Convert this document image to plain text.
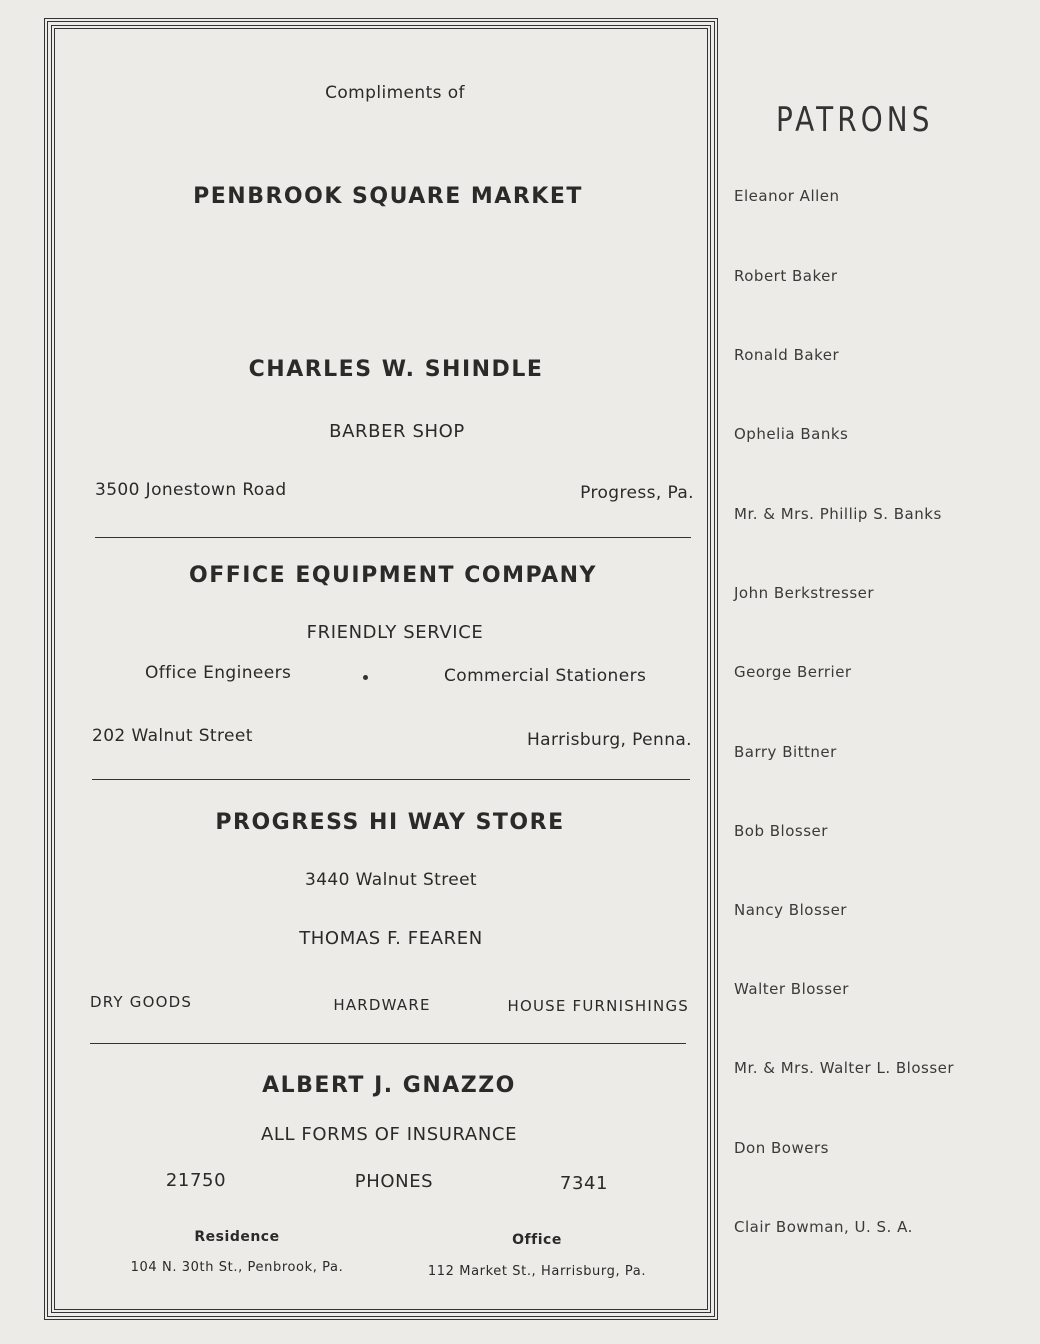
Compliments of
PENBROOK SQUARE MARKET
CHARLES W. SHINDLE
BARBER SHOP
3500 Jonestown Road	Progress, Pa.
OFFICE EQUIPMENT COMPANY
FRIENDLY SERVICE
Office Engineers	Commercial Stationers
202 Walnut Street	Harrisburg, Penna.
PROGRESS HI WAY STORE
3440 Walnut Street
THOMAS F. FEAREN
DRY GOODS	HARDWARE	HOUSE FURNISHINGS
ALBERT J. GNAZZO
ALL FORMS OF INSURANCE
21750	PHONES	7341
Residence	Office
104 N. 30th St., Penbrook, Pa.	112 Market St., Harrisburg, Pa.
PATRONS
Eleanor Allen
Robert Baker
Ronald Baker
Ophelia Banks
Mr. & Mrs. Phillip S. Banks
John Berkstresser
George Berrier
Barry Bittner
Bob Blosser
Nancy Blosser
Walter Blosser
Mr. & Mrs. Walter L. Blosser
Don Bowers
Clair Bowman, U. S. A.
